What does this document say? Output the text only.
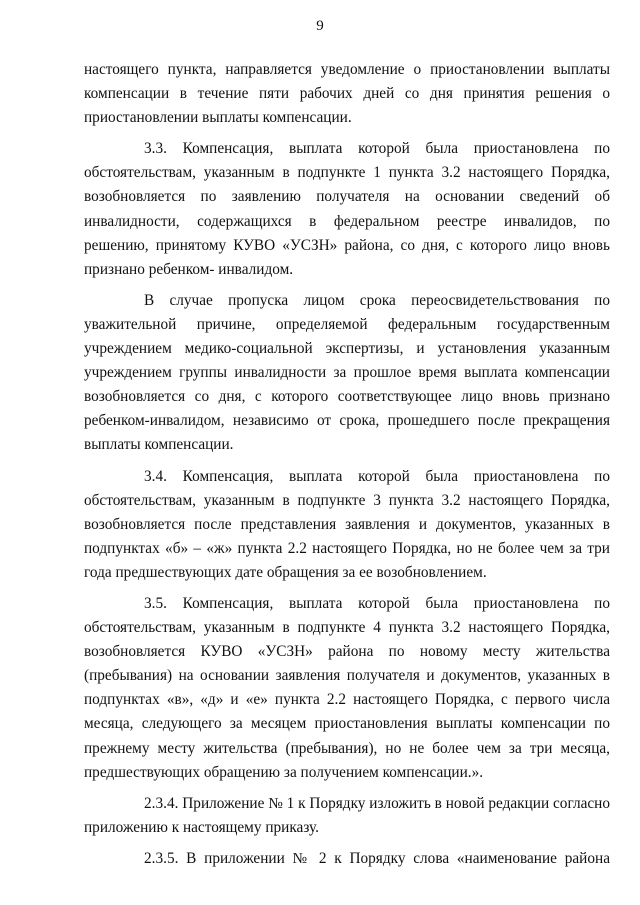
9
настоящего пункта, направляется уведомление о приостановлении выплаты
компенсации в течение пяти рабочих дней со дня принятия решения о
приостановлении выплаты компенсации.
3.3. Компенсация, выплата которой была приостановлена по
обстоятельствам, указанным в подпункте 1 пункта 3.2 настоящего Порядка,
возобновляется по заявлению получателя на основании сведений об
инвалидности, содержащихся в федеральном реестре инвалидов, по
решению, принятому КУВО «УСЗН» района, со дня, с которого лицо вновь
признано ребенком- инвалидом.
В случае пропуска лицом срока переосвидетельствования по
уважительной причине, определяемой федеральным государственным
учреждением медико-социальной экспертизы, и установления указанным
учреждением группы инвалидности за прошлое время выплата компенсации
возобновляется со дня, с которого соответствующее лицо вновь признано
ребенком-инвалидом, независимо от срока, прошедшего после прекращения
выплаты компенсации.
3.4. Компенсация, выплата которой была приостановлена по
обстоятельствам, указанным в подпункте 3 пункта 3.2 настоящего Порядка,
возобновляется после представления заявления и документов, указанных в
подпунктах «б» – «ж» пункта 2.2 настоящего Порядка, но не более чем за три
года предшествующих дате обращения за ее возобновлением.
3.5. Компенсация, выплата которой была приостановлена по
обстоятельствам, указанным в подпункте 4 пункта 3.2 настоящего Порядка,
возобновляется КУВО «УСЗН» района по новому месту жительства
(пребывания) на основании заявления получателя и документов, указанных в
подпунктах «в», «д» и «е» пункта 2.2 настоящего Порядка, с первого числа
месяца, следующего за месяцем приостановления выплаты компенсации по
прежнему месту жительства (пребывания), но не более чем за три месяца,
предшествующих обращению за получением компенсации.».
2.3.4. Приложение № 1 к Порядку изложить в новой редакции согласно
приложению к настоящему приказу.
2.3.5. В приложении № 2 к Порядку слова «наименование района
